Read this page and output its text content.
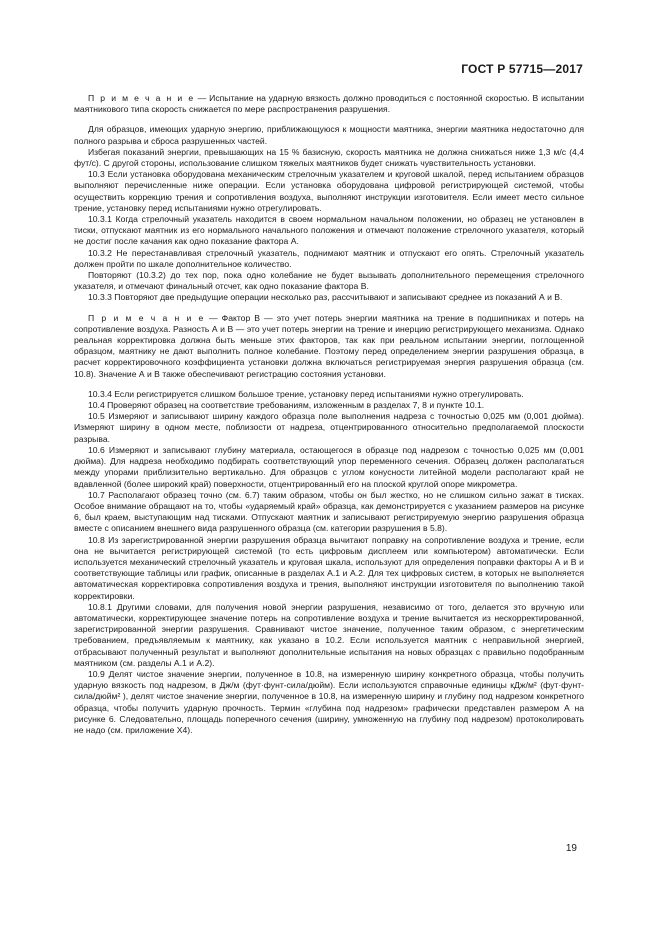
ГОСТ Р 57715—2017

П р и м е ч а н и е — Испытание на ударную вязкость должно проводиться с постоянной скоростью. В испытании маятникового типа скорость снижается по мере распространения разрушения.

Для образцов, имеющих ударную энергию, приближающуюся к мощности маятника, энергии маятника недостаточно для полного разрыва и сброса разрушенных частей.

Избегая показаний энергии, превышающих на 15 % базисную, скорость маятника не должна снижаться ниже 1,3 м/с (4,4 фут/с). С другой стороны, использование слишком тяжелых маятников будет снижать чувствительность установки.

10.3 Если установка оборудована механическим стрелочным указателем и круговой шкалой, перед испытанием образцов выполняют перечисленные ниже операции. Если установка оборудована цифровой регистрирующей системой, чтобы осуществить коррекцию трения и сопротивления воздуха, выполняют инструкции изготовителя. Если имеет место сильное трение, установку перед испытаниями нужно отрегулировать.

10.3.1 Когда стрелочный указатель находится в своем нормальном начальном положении, но образец не установлен в тиски, отпускают маятник из его нормального начального положения и отмечают положение стрелочного указателя, который не достиг после качания как одно показание фактора А.

10.3.2 Не перестанавливая стрелочный указатель, поднимают маятник и отпускают его опять. Стрелочный указатель должен пройти по шкале дополнительное количество.

Повторяют (10.3.2) до тех пор, пока одно колебание не будет вызывать дополнительного перемещения стрелочного указателя, и отмечают финальный отсчет, как одно показание фактора В.

10.3.3 Повторяют две предыдущие операции несколько раз, рассчитывают и записывают среднее из показаний А и В.

П р и м е ч а н и е — Фактор В — это учет потерь энергии маятника на трение в подшипниках и потерь на сопротивление воздуха. Разность А и В — это учет потерь энергии на трение и инерцию регистрирующего механизма. Однако реальная корректировка должна быть меньше этих факторов, так как при реальном испытании энергии, поглощенной образцом, маятнику не дают выполнить полное колебание. Поэтому перед определением энергии разрушения образца, в расчет корректировочного коэффициента установки должна включаться регистрируемая энергия разрушения образца (см. 10.8). Значение А и В также обеспечивают регистрацию состояния установки.

10.3.4 Если регистрируется слишком большое трение, установку перед испытаниями нужно отрегулировать.

10.4 Проверяют образец на соответствие требованиям, изложенным в разделах 7, 8 и пункте 10.1.

10.5 Измеряют и записывают ширину каждого образца поле выполнения надреза с точностью 0,025 мм (0,001 дюйма). Измеряют ширину в одном месте, поблизости от надреза, отцентрированного относительно предполагаемой плоскости разрыва.

10.6 Измеряют и записывают глубину материала, остающегося в образце под надрезом с точностью 0,025 мм (0,001 дюйма). Для надреза необходимо подбирать соответствующий упор переменного сечения. Образец должен располагаться между упорами приблизительно вертикально. Для образцов с углом конусности литейной модели располагают край не вдавленной (более широкий край) поверхности, отцентрированный его на плоской круглой опоре микрометра.

10.7 Располагают образец точно (см. 6.7) таким образом, чтобы он был жестко, но не слишком сильно зажат в тисках. Особое внимание обращают на то, чтобы «ударяемый край» образца, как демонстрируется с указанием размеров на рисунке 6, был краем, выступающим над тисками. Отпускают маятник и записывают регистрируемую энергию разрушения образца вместе с описанием внешнего вида разрушенного образца (см. категории разрушения в 5.8).

10.8 Из зарегистрированной энергии разрушения образца вычитают поправку на сопротивление воздуха и трение, если она не вычитается регистрирующей системой (то есть цифровым дисплеем или компьютером) автоматически. Если используется механический стрелочный указатель и круговая шкала, используют для определения поправки факторы А и В и соответствующие таблицы или график, описанные в разделах А.1 и А.2. Для тех цифровых систем, в которых не выполняется автоматическая корректировка сопротивления воздуха и трения, выполняют инструкции изготовителя по выполнению такой корректировки.

10.8.1 Другими словами, для получения новой энергии разрушения, независимо от того, делается это вручную или автоматически, корректирующее значение потерь на сопротивление воздуха и трение вычитается из нескорректированной, зарегистрированной энергии разрушения. Сравнивают чистое значение, полученное таким образом, с энергетическим требованием, предъявляемым к маятнику, как указано в 10.2. Если используется маятник с неправильной энергией, отбрасывают полученный результат и выполняют дополнительные испытания на новых образцах с правильно подобранным маятником (см. разделы А.1 и А.2).

10.9 Делят чистое значение энергии, полученное в 10.8, на измеренную ширину конкретного образца, чтобы получить ударную вязкость под надрезом, в Дж/м (фут·фунт-сила/дюйм). Если используются справочные единицы кДж/м² (фут·фунт-сила/дюйм² ), делят чистое значение энергии, полученное в 10.8, на измеренную ширину и глубину под надрезом конкретного образца, чтобы получить ударную прочность. Термин «глубина под надрезом» графически представлен размером А на рисунке 6. Следовательно, площадь поперечного сечения (ширину, умноженную на глубину под надрезом) протоколировать не надо (см. приложение Х4).

19
